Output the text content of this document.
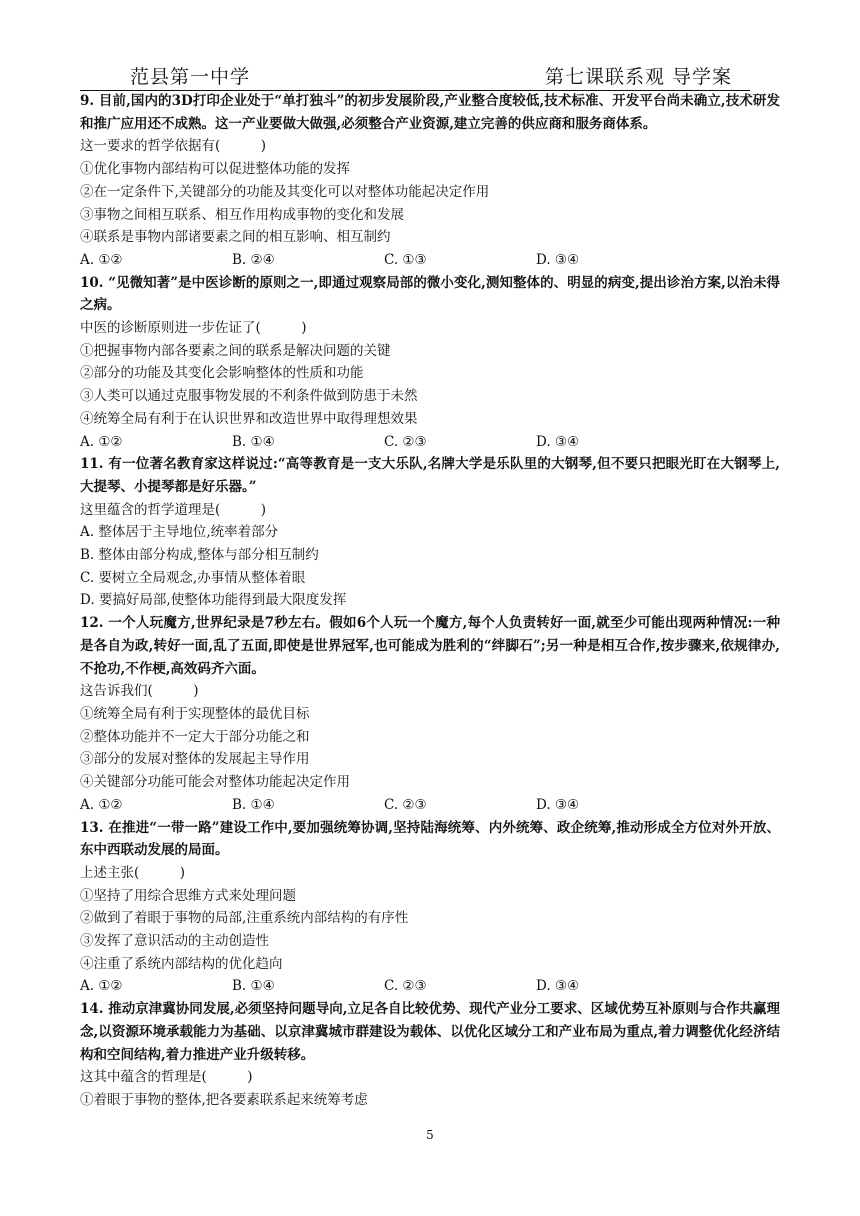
范县第一中学	第七课联系观 导学案

9. 目前,国内的3D打印企业处于“单打独斗”的初步发展阶段,产业整合度较低,技术标准、开发平台尚未确立,技术研发和推广应用还不成熟。这一产业要做大做强,必须整合产业资源,建立完善的供应商和服务商体系。

这一要求的哲学依据有(　　　)

①优化事物内部结构可以促进整体功能的发挥

②在一定条件下,关键部分的功能及其变化可以对整体功能起决定作用

③事物之间相互联系、相互作用构成事物的变化和发展

④联系是事物内部诸要素之间的相互影响、相互制约

A. ①②	B. ②④	C. ①③	D. ③④

10. “见微知著”是中医诊断的原则之一,即通过观察局部的微小变化,测知整体的、明显的病变,提出诊治方案,以治未得之病。

中医的诊断原则进一步佐证了(　　　)

①把握事物内部各要素之间的联系是解决问题的关键

②部分的功能及其变化会影响整体的性质和功能

③人类可以通过克服事物发展的不利条件做到防患于未然

④统筹全局有利于在认识世界和改造世界中取得理想效果

A. ①②	B. ①④	C. ②③	D. ③④

11. 有一位著名教育家这样说过:“高等教育是一支大乐队,名牌大学是乐队里的大钢琴,但不要只把眼光盯在大钢琴上,大提琴、小提琴都是好乐器。”

这里蕴含的哲学道理是(　　　)

A. 整体居于主导地位,统率着部分

B. 整体由部分构成,整体与部分相互制约

C. 要树立全局观念,办事情从整体着眼

D. 要搞好局部,使整体功能得到最大限度发挥

12. 一个人玩魔方,世界纪录是7秒左右。假如6个人玩一个魔方,每个人负责转好一面,就至少可能出现两种情况:一种是各自为政,转好一面,乱了五面,即使是世界冠军,也可能成为胜利的“绊脚石”;另一种是相互合作,按步骤来,依规律办,不抢功,不作梗,高效码齐六面。

这告诉我们(　　　)

①统筹全局有利于实现整体的最优目标

②整体功能并不一定大于部分功能之和

③部分的发展对整体的发展起主导作用

④关键部分功能可能会对整体功能起决定作用

A. ①②	B. ①④	C. ②③	D. ③④

13. 在推进“一带一路”建设工作中,要加强统筹协调,坚持陆海统筹、内外统筹、政企统筹,推动形成全方位对外开放、东中西联动发展的局面。

上述主张(　　　)

①坚持了用综合思维方式来处理问题

②做到了着眼于事物的局部,注重系统内部结构的有序性

③发挥了意识活动的主动创造性

④注重了系统内部结构的优化趋向

A. ①②	B. ①④	C. ②③	D. ③④

14. 推动京津冀协同发展,必须坚持问题导向,立足各自比较优势、现代产业分工要求、区域优势互补原则与合作共赢理念,以资源环境承载能力为基础、以京津冀城市群建设为载体、以优化区域分工和产业布局为重点,着力调整优化经济结构和空间结构,着力推进产业升级转移。

这其中蕴含的哲理是(　　　)

①着眼于事物的整体,把各要素联系起来统筹考虑

5
